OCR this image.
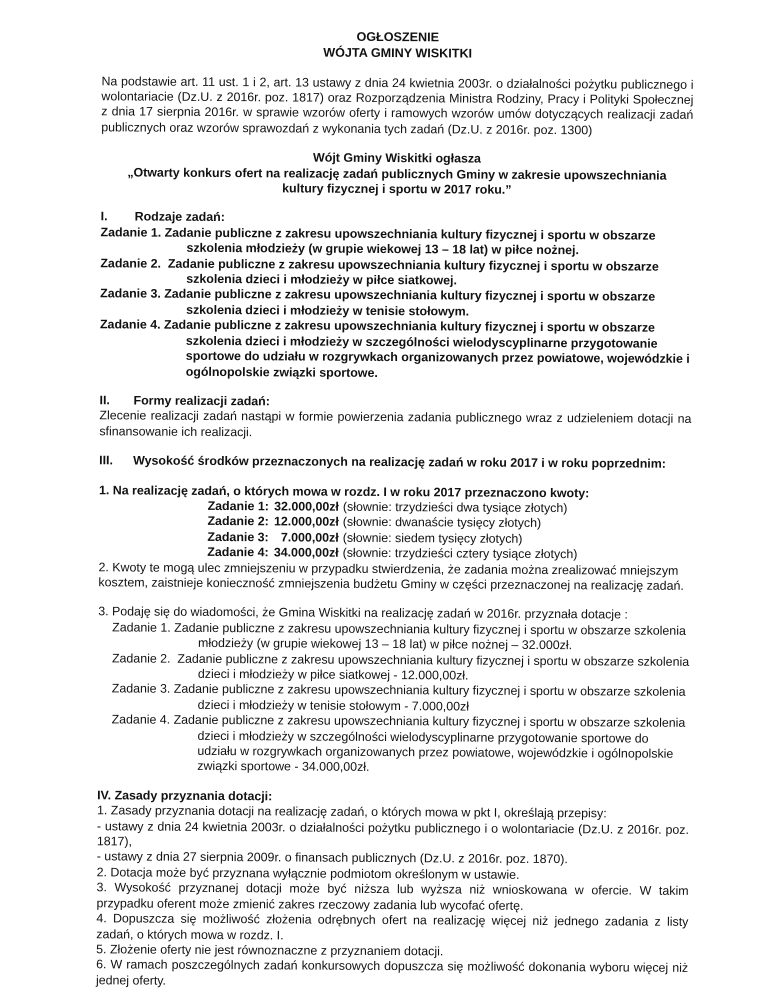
OGŁOSZENIE
WÓJTA GMINY WISKITKI

Na podstawie art. 11 ust. 1 i 2, art. 13 ustawy z dnia 24 kwietnia 2003r. o działalności pożytku publicznego i wolontariacie (Dz.U. z 2016r. poz. 1817) oraz Rozporządzenia Ministra Rodziny, Pracy i Polityki Społecznej z dnia 17 sierpnia 2016r. w sprawie wzorów oferty i ramowych wzorów umów dotyczących realizacji zadań publicznych oraz wzorów sprawozdań z wykonania tych zadań (Dz.U. z 2016r. poz. 1300)

Wójt Gminy Wiskitki ogłasza
„Otwarty konkurs ofert na realizację zadań publicznych Gminy w zakresie upowszechniania
kultury fizycznej i sportu w 2017 roku.”
I.	Rodzaje zadań:

Zadanie 1. Zadanie publiczne z zakresu upowszechniania kultury fizycznej i sportu w obszarze szkolenia młodzieży (w grupie wiekowej 13 – 18 lat) w piłce nożnej.

Zadanie 2.  Zadanie publiczne z zakresu upowszechniania kultury fizycznej i sportu w obszarze szkolenia dzieci i młodzieży w piłce siatkowej.

Zadanie 3. Zadanie publiczne z zakresu upowszechniania kultury fizycznej i sportu w obszarze szkolenia dzieci i młodzieży w tenisie stołowym.

Zadanie 4. Zadanie publiczne z zakresu upowszechniania kultury fizycznej i sportu w obszarze szkolenia dzieci i młodzieży w szczególności wielodyscyplinarne przygotowanie sportowe do udziału w rozgrywkach organizowanych przez powiatowe, wojewódzkie i ogólnopolskie związki sportowe.

II.	Formy realizacji zadań:

Zlecenie realizacji zadań nastąpi w formie powierzenia zadania publicznego wraz z udzieleniem dotacji na sfinansowanie ich realizacji.

III.	Wysokość środków przeznaczonych na realizację zadań w roku 2017 i w roku poprzednim:

1. Na realizację zadań, o których mowa w rozdz. I w roku 2017 przeznaczono kwoty:

Zadanie 1: 32.000,00zł (słownie: trzydzieści dwa tysiące złotych)
Zadanie 2: 12.000,00zł (słownie: dwanaście tysięcy złotych)
Zadanie 3: 7.000,00zł (słownie: siedem tysięcy złotych)
Zadanie 4: 34.000,00zł (słownie: trzydzieści cztery tysiące złotych)

2. Kwoty te mogą ulec zmniejszeniu w przypadku stwierdzenia, że zadania można zrealizować mniejszym kosztem, zaistnieje konieczność zmniejszenia budżetu Gminy w części przeznaczonej na realizację zadań.

3. Podaję się do wiadomości, że Gmina Wiskitki na realizację zadań w 2016r. przyznała dotacje :

Zadanie 1. Zadanie publiczne z zakresu upowszechniania kultury fizycznej i sportu w obszarze szkolenia młodzieży (w grupie wiekowej 13 – 18 lat) w piłce nożnej – 32.000zł.

Zadanie 2.  Zadanie publiczne z zakresu upowszechniania kultury fizycznej i sportu w obszarze szkolenia dzieci i młodzieży w piłce siatkowej - 12.000,00zł.

Zadanie 3. Zadanie publiczne z zakresu upowszechniania kultury fizycznej i sportu w obszarze szkolenia dzieci i młodzieży w tenisie stołowym - 7.000,00zł

Zadanie 4. Zadanie publiczne z zakresu upowszechniania kultury fizycznej i sportu w obszarze szkolenia dzieci i młodzieży w szczególności wielodyscyplinarne przygotowanie sportowe do udziału w rozgrywkach organizowanych przez powiatowe, wojewódzkie i ogólnopolskie związki sportowe - 34.000,00zł.

IV. Zasady przyznania dotacji:

1. Zasady przyznania dotacji na realizację zadań, o których mowa w pkt I, określają przepisy:

- ustawy z dnia 24 kwietnia 2003r. o działalności pożytku publicznego i o wolontariacie (Dz.U. z 2016r. poz. 1817),

- ustawy z dnia 27 sierpnia 2009r. o finansach publicznych (Dz.U. z 2016r. poz. 1870).

2. Dotacja może być przyznana wyłącznie podmiotom określonym w ustawie.

3. Wysokość przyznanej dotacji może być niższa lub wyższa niż wnioskowana w ofercie. W takim przypadku oferent może zmienić zakres rzeczowy zadania lub wycofać ofertę.

4. Dopuszcza się możliwość złożenia odrębnych ofert na realizację więcej niż jednego zadania z listy zadań, o których mowa w rozdz. I.

5. Złożenie oferty nie jest równoznaczne z przyznaniem dotacji.

6. W ramach poszczególnych zadań konkursowych dopuszcza się możliwość dokonania wyboru więcej niż jednej oferty.
